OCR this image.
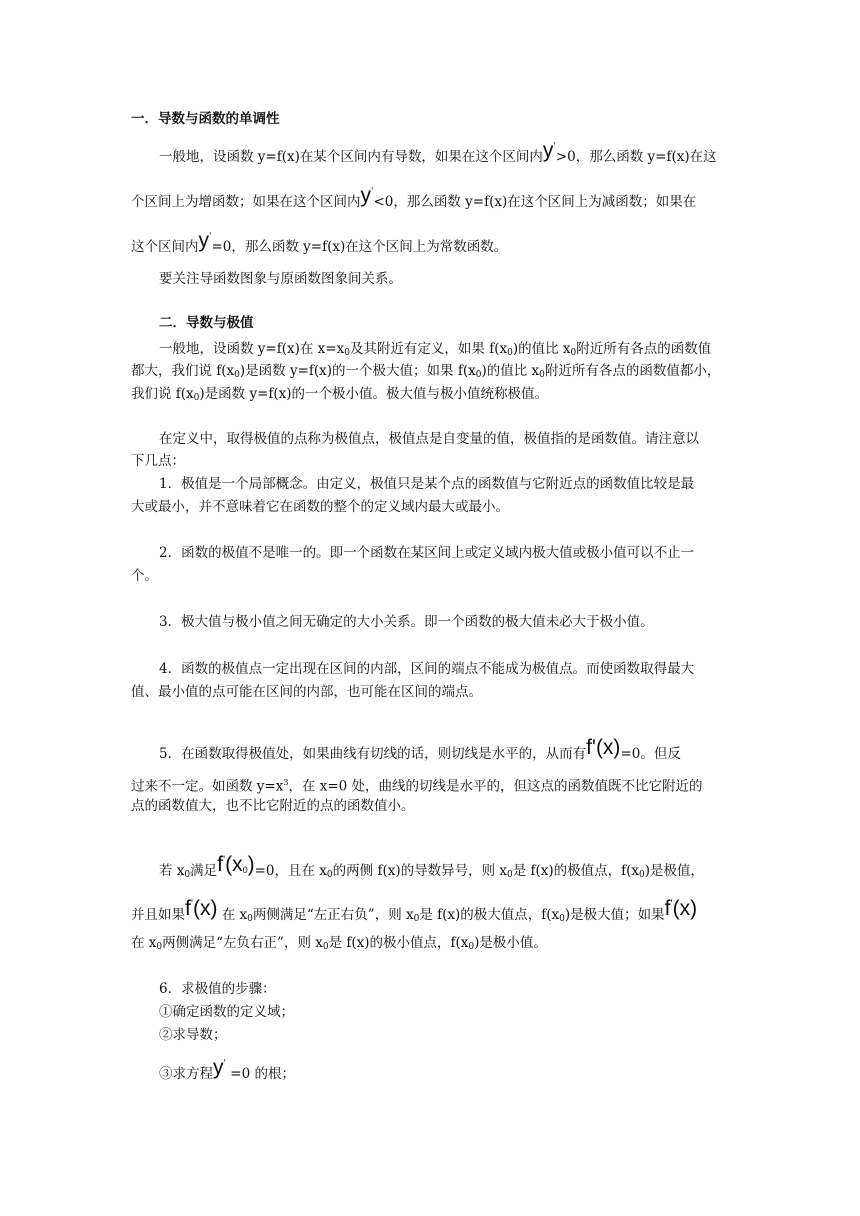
一．导数与函数的单调性
一般地，设函数 y=f(x)在某个区间内有导数，如果在这个区间内y'>0，那么函数 y=f(x)在这
个区间上为增函数；如果在这个区间内y'<0，那么函数 y=f(x)在这个区间上为减函数；如果在
这个区间内y'=0，那么函数 y=f(x)在这个区间上为常数函数。
要关注导函数图象与原函数图象间关系。
二．导数与极值
一般地，设函数 y=f(x)在 $x=x_0$及其附近有定义，如果 $f(x_0)$的值比 $x_0$附近所有各点的函数值
都大，我们说 $f(x_0)$是函数 y=f(x)的一个极大值；如果 $f(x_0)$的值比 $x_0$附近所有各点的函数值都小，
我们说 $f(x_0)$是函数 y=f(x)的一个极小值。极大值与极小值统称极值。
在定义中，取得极值的点称为极值点，极值点是自变量的值，极值指的是函数值。请注意以
下几点：
1．极值是一个局部概念。由定义，极值只是某个点的函数值与它附近点的函数值比较是最
大或最小，并不意味着它在函数的整个的定义域内最大或最小。
2．函数的极值不是唯一的。即一个函数在某区间上或定义域内极大值或极小值可以不止一
个。
3．极大值与极小值之间无确定的大小关系。即一个函数的极大值未必大于极小值。
4．函数的极值点一定出现在区间的内部，区间的端点不能成为极值点。而使函数取得最大
值、最小值的点可能在区间的内部，也可能在区间的端点。
5．在函数取得极值处，如果曲线有切线的话，则切线是水平的，从而有f'(x)=0。但反
过来不一定。如函数 $y=x^3$，在 x=0 处，曲线的切线是水平的，但这点的函数值既不比它附近的
点的函数值大，也不比它附近的点的函数值小。
若 $x_0$满足$f'(x_0)=0$，且在 $x_0$的两侧 f(x)的导数异号，则 $x_0$是 f(x)的极值点，$f(x_0)$是极值，
并且如果f'(x) 在 $x_0$两侧满足“左正右负”，则 $x_0$是 f(x)的极大值点，$f(x_0)$是极大值；如果f'(x)
在 $x_0$两侧满足“左负右正”，则 $x_0$是 f(x)的极小值点，$f(x_0)$是极小值。
6．求极值的步骤：
①确定函数的定义域；
②求导数；
③求方程y' =0 的根；
